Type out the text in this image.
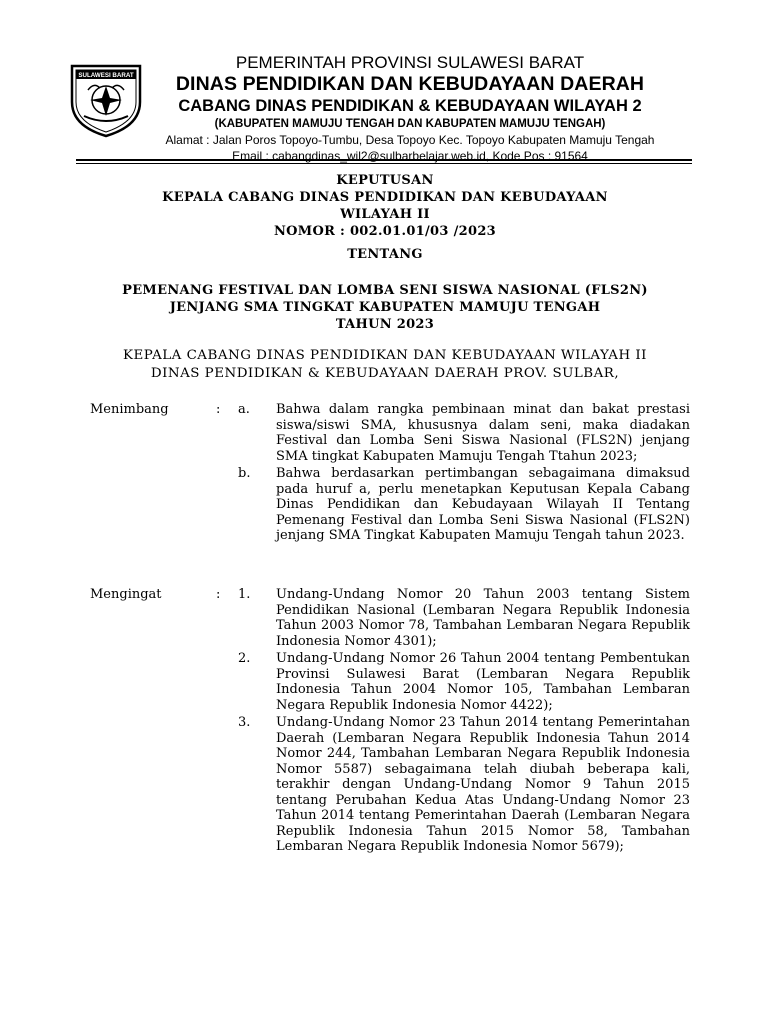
SULAWESI BARAT
PEMERINTAH PROVINSI SULAWESI BARAT
DINAS PENDIDIKAN DAN KEBUDAYAAN DAERAH
CABANG DINAS PENDIDIKAN & KEBUDAYAAN WILAYAH 2
(KABUPATEN MAMUJU TENGAH DAN KABUPATEN MAMUJU TENGAH)
Alamat : Jalan Poros Topoyo-Tumbu, Desa Topoyo Kec. Topoyo Kabupaten Mamuju Tengah
Email : cabangdinas_wil2@sulbarbelajar.web.id, Kode Pos : 91564
KEPUTUSAN
KEPALA CABANG DINAS PENDIDIKAN DAN KEBUDAYAAN
WILAYAH II
NOMOR : 002.01.01/03 /2023
TENTANG
PEMENANG FESTIVAL DAN LOMBA SENI SISWA NASIONAL (FLS2N)
JENJANG SMA TINGKAT KABUPATEN MAMUJU TENGAH
TAHUN 2023
KEPALA CABANG DINAS PENDIDIKAN DAN KEBUDAYAAN WILAYAH II
DINAS PENDIDIKAN & KEBUDAYAAN DAERAH PROV. SULBAR,
Menimbang	: a.	Bahwa dalam rangka pembinaan minat dan bakat prestasi siswa/siswi SMA, khususnya dalam seni, maka diadakan Festival dan Lomba Seni Siswa Nasional (FLS2N) jenjang SMA tingkat Kabupaten Mamuju Tengah Ttahun 2023;
b.	Bahwa berdasarkan pertimbangan sebagaimana dimaksud pada huruf a, perlu menetapkan Keputusan Kepala Cabang Dinas Pendidikan dan Kebudayaan Wilayah II Tentang Pemenang Festival dan Lomba Seni Siswa Nasional (FLS2N) jenjang SMA Tingkat Kabupaten Mamuju Tengah tahun 2023.
Mengingat	: 1.	Undang-Undang Nomor 20 Tahun 2003 tentang Sistem Pendidikan Nasional (Lembaran Negara Republik Indonesia Tahun 2003 Nomor 78, Tambahan Lembaran Negara Republik Indonesia Nomor 4301);
2.	Undang-Undang Nomor 26 Tahun 2004 tentang Pembentukan Provinsi Sulawesi Barat (Lembaran Negara Republik Indonesia Tahun 2004 Nomor 105, Tambahan Lembaran Negara Republik Indonesia Nomor 4422);
3.	Undang-Undang Nomor 23 Tahun 2014 tentang Pemerintahan Daerah (Lembaran Negara Republik Indonesia Tahun 2014 Nomor 244, Tambahan Lembaran Negara Republik Indonesia Nomor 5587) sebagaimana telah diubah beberapa kali, terakhir dengan Undang-Undang Nomor 9 Tahun 2015 tentang Perubahan Kedua Atas Undang-Undang Nomor 23 Tahun 2014 tentang Pemerintahan Daerah (Lembaran Negara Republik Indonesia Tahun 2015 Nomor 58, Tambahan Lembaran Negara Republik Indonesia Nomor 5679);
